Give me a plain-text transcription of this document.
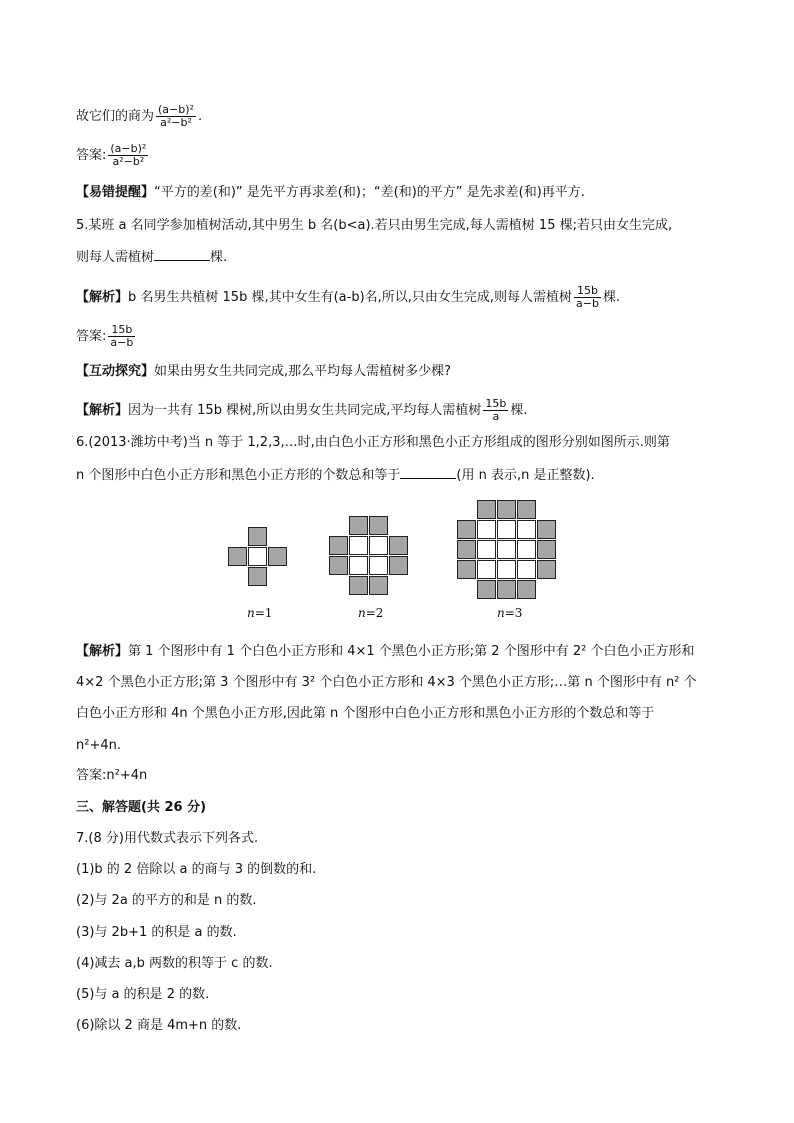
故它们的商为 $\frac{\text{(a−b)²}}{\text{a²−b²}}$ .
答案: $\frac{\text{(a−b)²}}{\text{a²−b²}}$
【易错提醒】“平方的差(和)” 是先平方再求差(和)；“差(和)的平方” 是先求差(和)再平方.
5.某班 a 名同学参加植树活动,其中男生 b 名(b<a).若只由男生完成,每人需植树 15 棵;若只由女生完成,
则每人需植树	棵.
【解析】b 名男生共植树 15b 棵,其中女生有(a-b)名,所以,只由女生完成,则每人需植树 $\frac{15b}{a-b}$ 棵.
答案: $\frac{15b}{a-b}$
【互动探究】如果由男女生共同完成,那么平均每人需植树多少棵?
【解析】因为一共有 15b 棵树,所以由男女生共同完成,平均每人需植树 $\frac{15b}{a}$ 棵.
6.(2013·潍坊中考)当 n 等于 1,2,3,…时,由白色小正方形和黑色小正方形组成的图形分别如图所示.则第
n 个图形中白色小正方形和黑色小正方形的个数总和等于	(用 n 表示,n 是正整数).
n=1	n=2	n=3
【解析】第 1 个图形中有 1 个白色小正方形和 4×1 个黑色小正方形;第 2 个图形中有 2² 个白色小正方形和
4×2 个黑色小正方形;第 3 个图形中有 3² 个白色小正方形和 4×3 个黑色小正方形;…第 n 个图形中有 n² 个
白色小正方形和 4n 个黑色小正方形,因此第 n 个图形中白色小正方形和黑色小正方形的个数总和等于
n²+4n.
答案:n²+4n
三、解答题(共 26 分)
7.(8 分)用代数式表示下列各式.
(1)b 的 2 倍除以 a 的商与 3 的倒数的和.
(2)与 2a 的平方的和是 n 的数.
(3)与 2b+1 的积是 a 的数.
(4)减去 a,b 两数的积等于 c 的数.
(5)与 a 的积是 2 的数.
(6)除以 2 商是 4m+n 的数.
